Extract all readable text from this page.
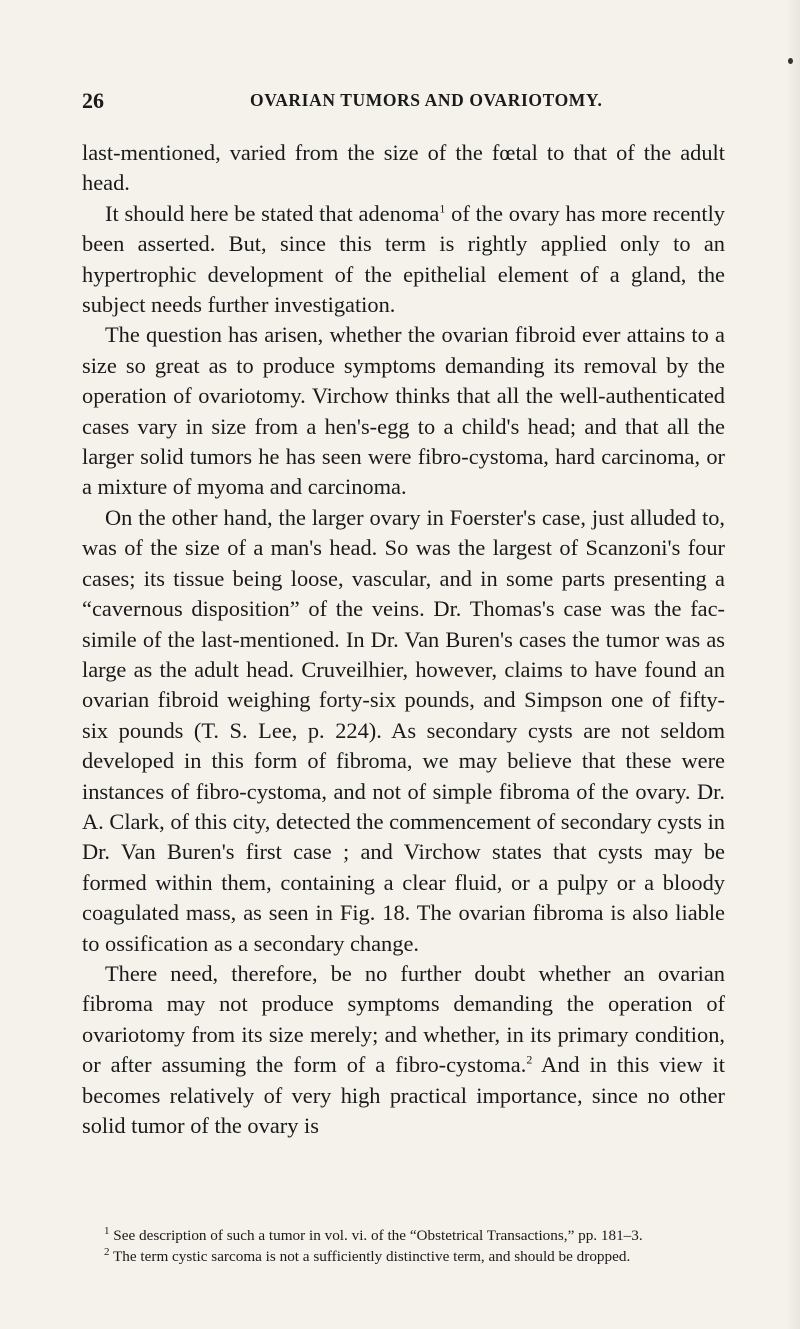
26	OVARIAN TUMORS AND OVARIOTOMY.

last-mentioned, varied from the size of the fœtal to that of the adult head.

It should here be stated that adenoma$^1$ of the ovary has more recently been asserted. But, since this term is rightly applied only to an hypertrophic development of the epithelial element of a gland, the subject needs further investigation.

The question has arisen, whether the ovarian fibroid ever attains to a size so great as to produce symptoms demanding its removal by the operation of ovariotomy. Virchow thinks that all the well-authenticated cases vary in size from a hen's-egg to a child's head; and that all the larger solid tumors he has seen were fibro-cystoma, hard carcinoma, or a mixture of myoma and carcinoma.

On the other hand, the larger ovary in Foerster's case, just alluded to, was of the size of a man's head. So was the largest of Scanzoni's four cases; its tissue being loose, vascular, and in some parts presenting a “cavernous disposition” of the veins. Dr. Thomas's case was the fac-simile of the last-mentioned. In Dr. Van Buren's cases the tumor was as large as the adult head. Cruveilhier, however, claims to have found an ovarian fibroid weighing forty-six pounds, and Simpson one of fifty-six pounds (T. S. Lee, p. 224). As secondary cysts are not seldom developed in this form of fibroma, we may believe that these were instances of fibro-cystoma, and not of simple fibroma of the ovary. Dr. A. Clark, of this city, detected the commencement of secondary cysts in Dr. Van Buren's first case ; and Virchow states that cysts may be formed within them, containing a clear fluid, or a pulpy or a bloody coagulated mass, as seen in Fig. 18. The ovarian fibroma is also liable to ossification as a secondary change.

There need, therefore, be no further doubt whether an ovarian fibroma may not produce symptoms demanding the operation of ovariotomy from its size merely; and whether, in its primary condition, or after assuming the form of a fibro-cystoma.$^2$ And in this view it becomes relatively of very high practical importance, since no other solid tumor of the ovary is

$^1$ See description of such a tumor in vol. vi. of the “Obstetrical Transactions,” pp. 181–3.

$^2$ The term cystic sarcoma is not a sufficiently distinctive term, and should be dropped.
